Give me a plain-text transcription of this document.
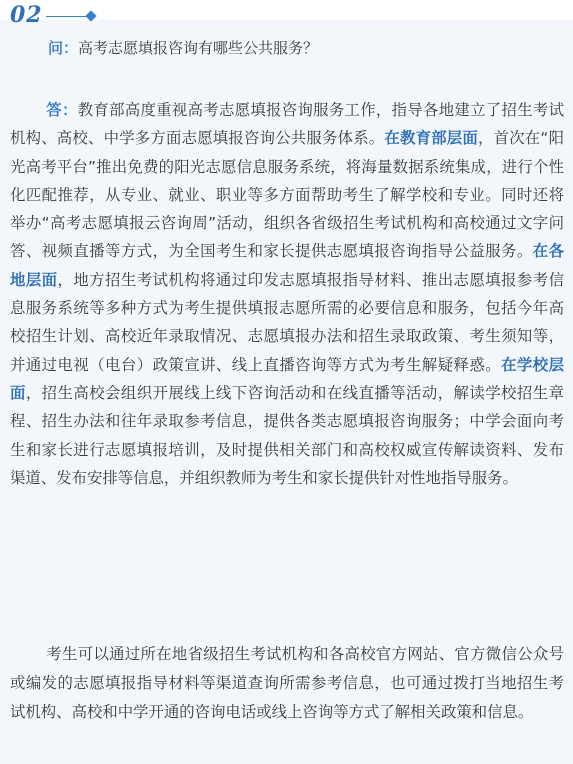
02
问：高考志愿填报咨询有哪些公共服务？

答：教育部高度重视高考志愿填报咨询服务工作，指导各地建立了招生考试机构、高校、中学多方面志愿填报咨询公共服务体系。在教育部层面，首次在“阳光高考平台”推出免费的阳光志愿信息服务系统，将海量数据系统集成，进行个性化匹配推荐，从专业、就业、职业等多方面帮助考生了解学校和专业。同时还将举办“高考志愿填报云咨询周”活动，组织各省级招生考试机构和高校通过文字问答、视频直播等方式，为全国考生和家长提供志愿填报咨询指导公益服务。在各地层面，地方招生考试机构将通过印发志愿填报指导材料、推出志愿填报参考信息服务系统等多种方式为考生提供填报志愿所需的必要信息和服务，包括今年高校招生计划、高校近年录取情况、志愿填报办法和招生录取政策、考生须知等，并通过电视（电台）政策宣讲、线上直播咨询等方式为考生解疑释惑。在学校层面，招生高校会组织开展线上线下咨询活动和在线直播等活动，解读学校招生章程、招生办法和往年录取参考信息，提供各类志愿填报咨询服务；中学会面向考生和家长进行志愿填报培训，及时提供相关部门和高校权威宣传解读资料、发布渠道、发布安排等信息，并组织教师为考生和家长提供针对性地指导服务。

考生可以通过所在地省级招生考试机构和各高校官方网站、官方微信公众号或编发的志愿填报指导材料等渠道查询所需参考信息，也可通过拨打当地招生考试机构、高校和中学开通的咨询电话或线上咨询等方式了解相关政策和信息。
